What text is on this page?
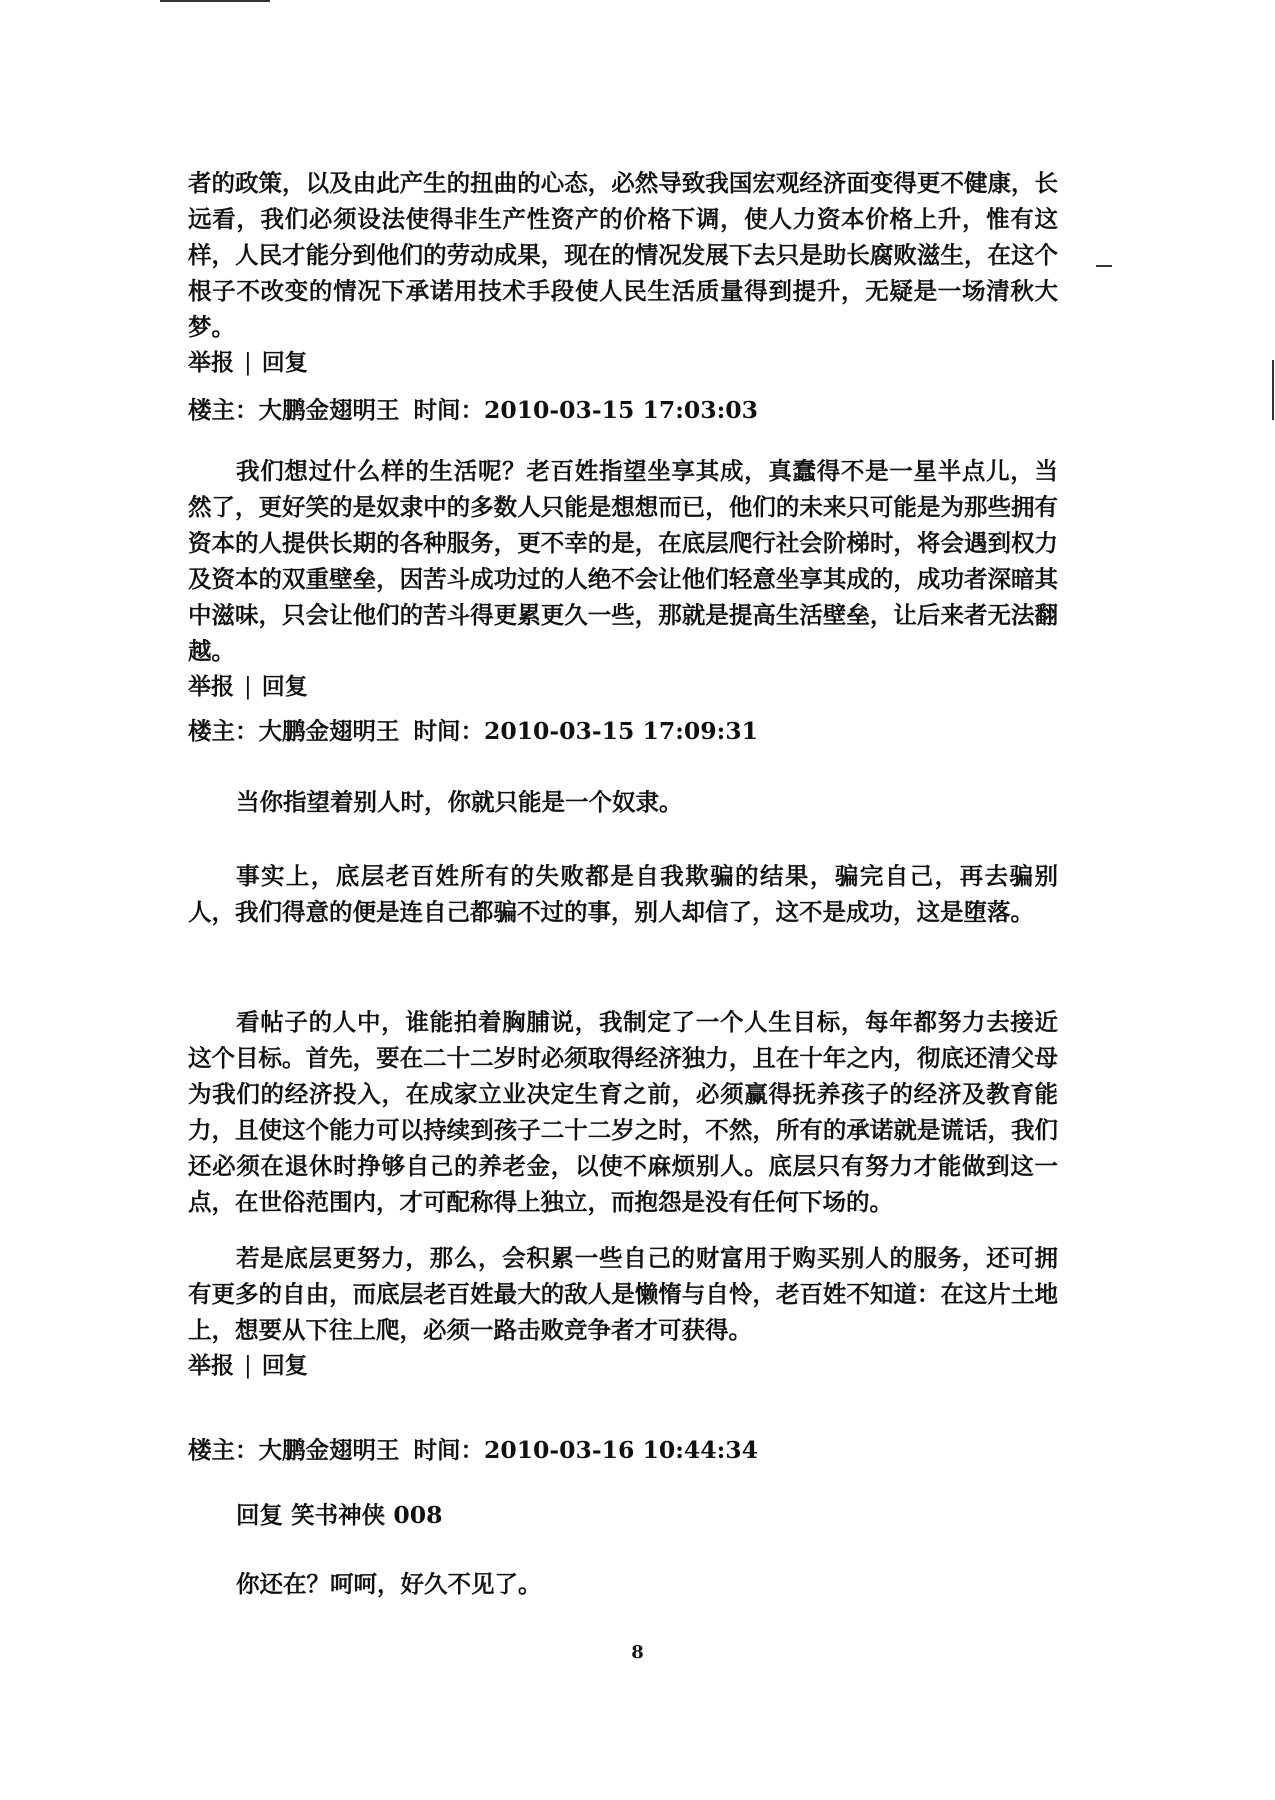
者的政策，以及由此产生的扭曲的心态，必然导致我国宏观经济面变得更不健康，长远看，我们必须设法使得非生产性资产的价格下调，使人力资本价格上升，惟有这样，人民才能分到他们的劳动成果，现在的情况发展下去只是助长腐败滋生，在这个根子不改变的情况下承诺用技术手段使人民生活质量得到提升，无疑是一场清秋大梦。

举报 | 回复
楼主：大鹏金翅明王 时间：2010-03-15 17:03:03

我们想过什么样的生活呢？老百姓指望坐享其成，真蠢得不是一星半点儿，当然了，更好笑的是奴隶中的多数人只能是想想而已，他们的未来只可能是为那些拥有资本的人提供长期的各种服务，更不幸的是，在底层爬行社会阶梯时，将会遇到权力及资本的双重壁垒，因苦斗成功过的人绝不会让他们轻意坐享其成的，成功者深暗其中滋味，只会让他们的苦斗得更累更久一些，那就是提高生活壁垒，让后来者无法翻越。

举报 | 回复
楼主：大鹏金翅明王 时间：2010-03-15 17:09:31

当你指望着别人时，你就只能是一个奴隶。

事实上，底层老百姓所有的失败都是自我欺骗的结果，骗完自己，再去骗别人，我们得意的便是连自己都骗不过的事，别人却信了，这不是成功，这是堕落。

看帖子的人中，谁能拍着胸脯说，我制定了一个人生目标，每年都努力去接近这个目标。首先，要在二十二岁时必须取得经济独力，且在十年之内，彻底还清父母为我们的经济投入，在成家立业决定生育之前，必须赢得抚养孩子的经济及教育能力，且使这个能力可以持续到孩子二十二岁之时，不然，所有的承诺就是谎话，我们还必须在退休时挣够自己的养老金，以使不麻烦别人。底层只有努力才能做到这一点，在世俗范围内，才可配称得上独立，而抱怨是没有任何下场的。

若是底层更努力，那么，会积累一些自己的财富用于购买别人的服务，还可拥有更多的自由，而底层老百姓最大的敌人是懒惰与自怜，老百姓不知道：在这片土地上，想要从下往上爬，必须一路击败竞争者才可获得。

举报 | 回复
楼主：大鹏金翅明王 时间：2010-03-16 10:44:34
回复 笑书神侠 008
你还在？呵呵，好久不见了。
8
